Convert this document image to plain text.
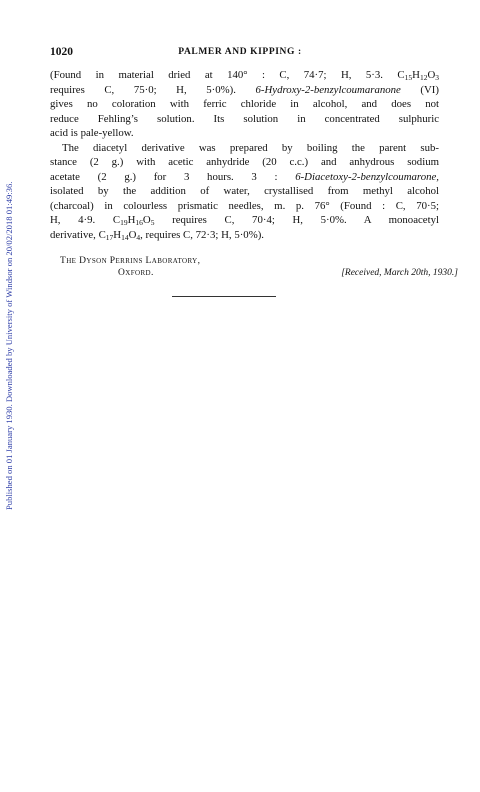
1020	PALMER AND KIPPING :
Published on 01 January 1930. Downloaded by University of Windsor on 20/02/2018 01:49:36.
(Found in material dried at 140° : C, 74·7; H, 5·3. $C_{15}H_{12}O_3$
requires C, 75·0; H, 5·0%). 6-Hydroxy-2-benzylcoumaranone (VI)
gives no coloration with ferric chloride in alcohol, and does not
reduce Fehling’s solution. Its solution in concentrated sulphuric
acid is pale-yellow.
The diacetyl derivative was prepared by boiling the parent sub-
stance (2 g.) with acetic anhydride (20 c.c.) and anhydrous sodium
acetate (2 g.) for 3 hours. 3 : 6-Diacetoxy-2-benzylcoumarone,
isolated by the addition of water, crystallised from methyl alcohol
(charcoal) in colourless prismatic needles, m. p. 76° (Found : C, 70·5;
H, 4·9. $C_{19}H_{16}O_5$ requires C, 70·4; H, 5·0%. A monoacetyl
derivative, $C_{17}H_{14}O_4$, requires C, 72·3; H, 5·0%).
The Dyson Perrins Laboratory,
Oxford.	[Received, March 20th, 1930.]
